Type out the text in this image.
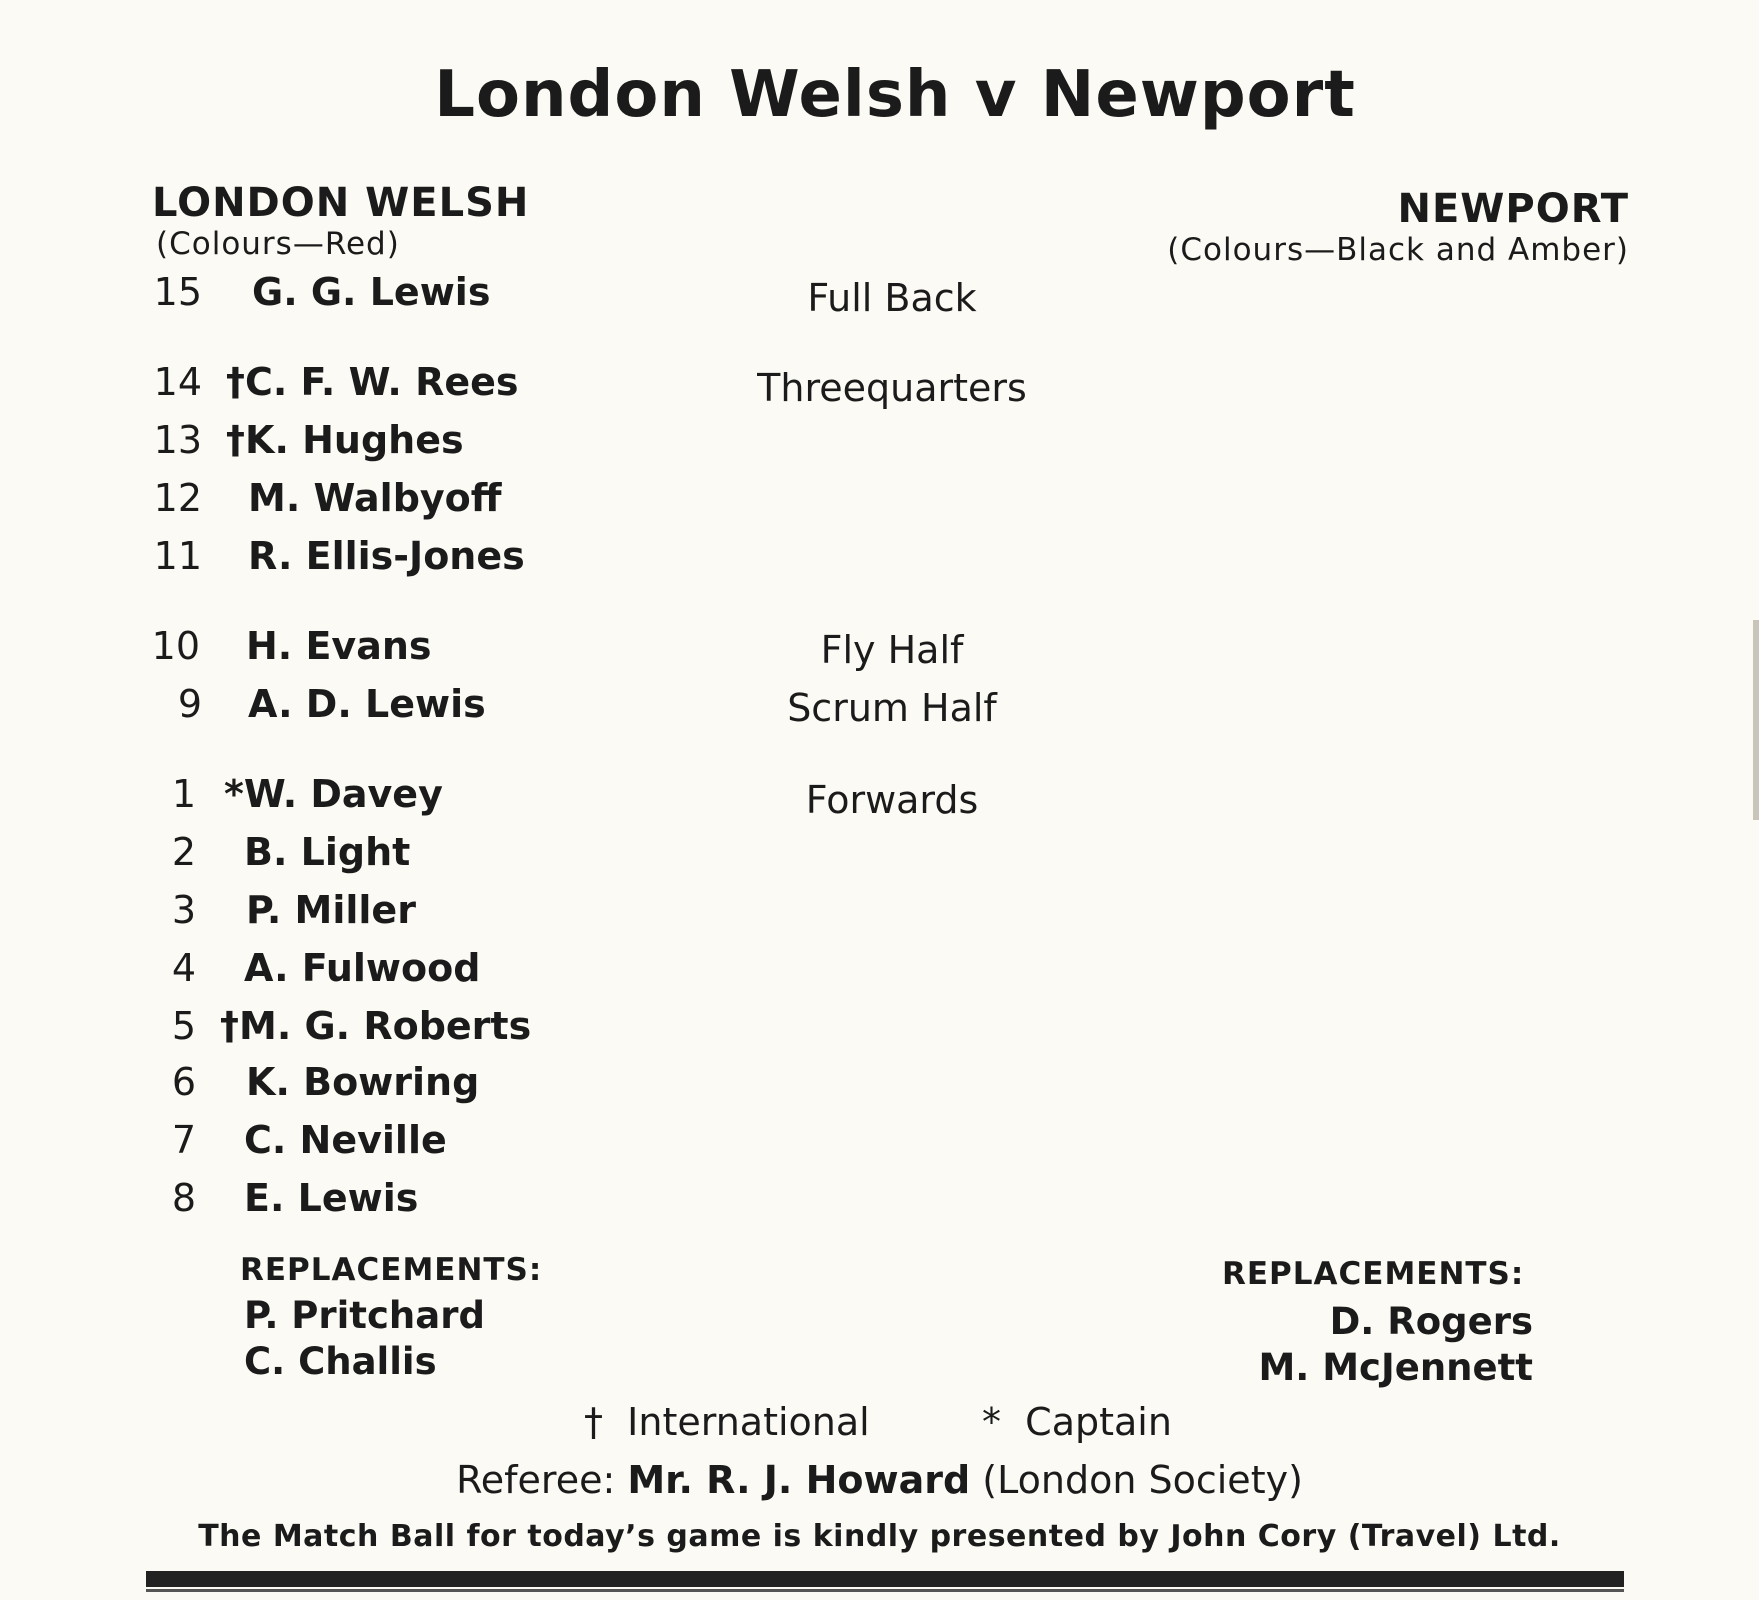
London Welsh v Newport
LONDON WELSH
(Colours—Red)
NEWPORT
(Colours—Black and Amber)
Full Back
Threequarters
Fly Half
Scrum Half
Forwards
15 G. G. Lewis
14 †C. F. W. Rees
13 †K. Hughes
12 M. Walbyoff
11 R. Ellis-Jones
10 H. Evans
9 A. D. Lewis
1 *W. Davey
2 B. Light
3 P. Miller
4 A. Fulwood
5 †M. G. Roberts
6 K. Bowring
7 C. Neville
8 E. Lewis
REPLACEMENTS:
P. Pritchard
C. Challis
REPLACEMENTS:
D. Rogers
M. McJennett
† International	* Captain
Referee: Mr. R. J. Howard (London Society)
The Match Ball for today’s game is kindly presented by John Cory (Travel) Ltd.
